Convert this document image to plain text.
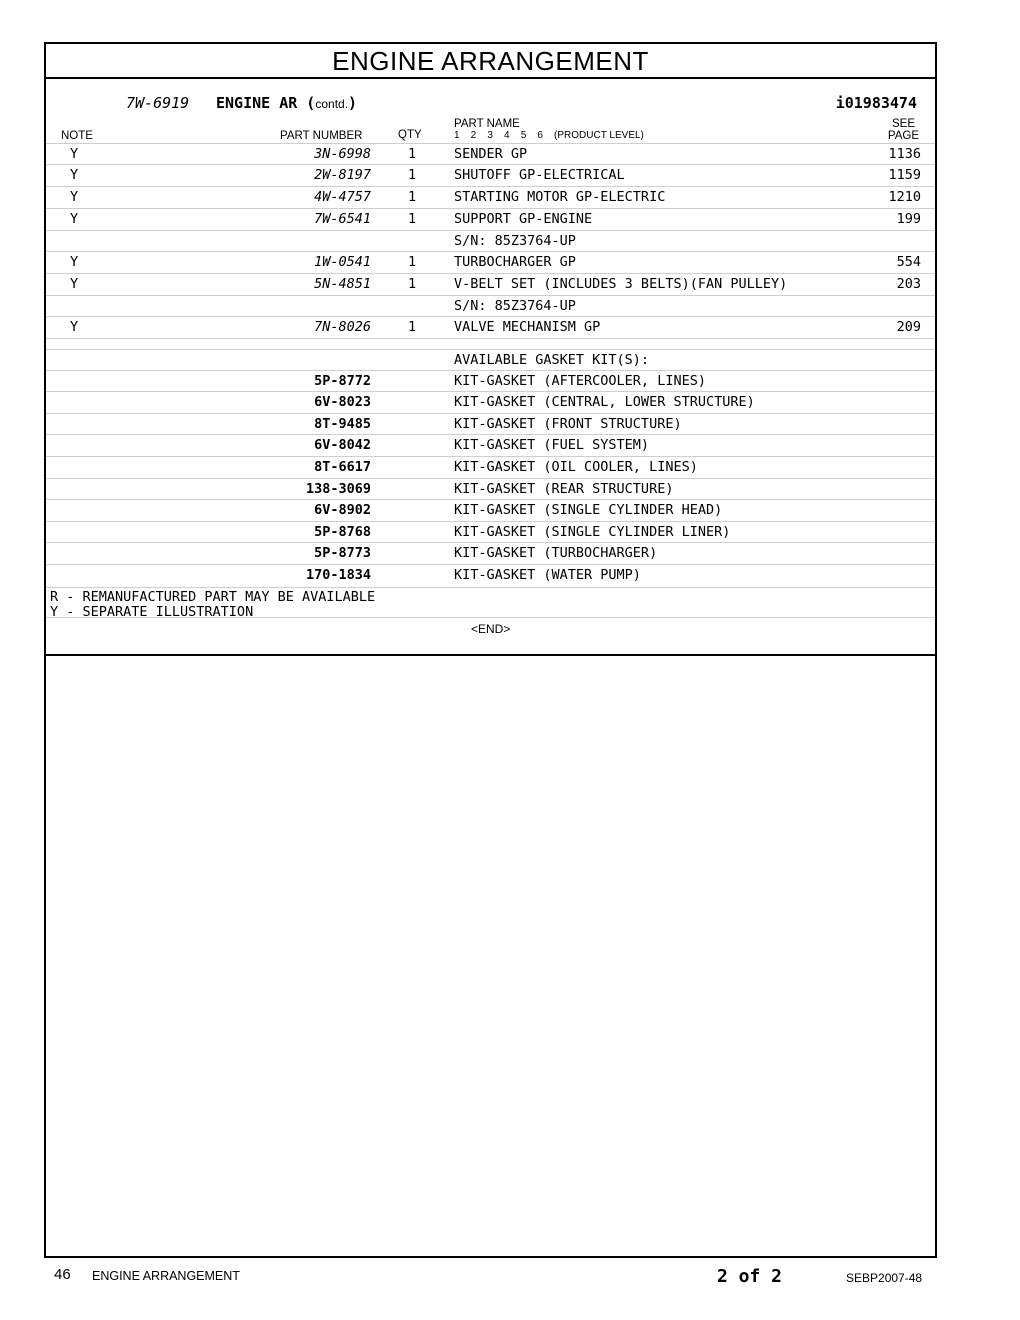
ENGINE ARRANGEMENT
7W-6919 ENGINE AR (contd.)	i01983474
NOTE	PART NUMBER	QTY
PART NAME
1    2    3    4    5    6    (PRODUCT LEVEL)
SEE
PAGE
Y	3N-6998	1	SENDER GP	1136
Y	2W-8197	1	SHUTOFF GP-ELECTRICAL	1159
Y	4W-4757	1	STARTING MOTOR GP-ELECTRIC	1210
Y	7W-6541	1	SUPPORT GP-ENGINE	199
S/N: 85Z3764-UP
Y	1W-0541	1	TURBOCHARGER GP	554
Y	5N-4851	1	V-BELT SET (INCLUDES 3 BELTS)(FAN PULLEY)	203
S/N: 85Z3764-UP
Y	7N-8026	1	VALVE MECHANISM GP	209
AVAILABLE GASKET KIT(S):
5P-8772	KIT-GASKET (AFTERCOOLER, LINES)
6V-8023	KIT-GASKET (CENTRAL, LOWER STRUCTURE)
8T-9485	KIT-GASKET (FRONT STRUCTURE)
6V-8042	KIT-GASKET (FUEL SYSTEM)
8T-6617	KIT-GASKET (OIL COOLER, LINES)
138-3069	KIT-GASKET (REAR STRUCTURE)
6V-8902	KIT-GASKET (SINGLE CYLINDER HEAD)
5P-8768	KIT-GASKET (SINGLE CYLINDER LINER)
5P-8773	KIT-GASKET (TURBOCHARGER)
170-1834	KIT-GASKET (WATER PUMP)
R - REMANUFACTURED PART MAY BE AVAILABLE
Y - SEPARATE ILLUSTRATION
<END>
46 ENGINE ARRANGEMENT	2 of 2	SEBP2007-48
